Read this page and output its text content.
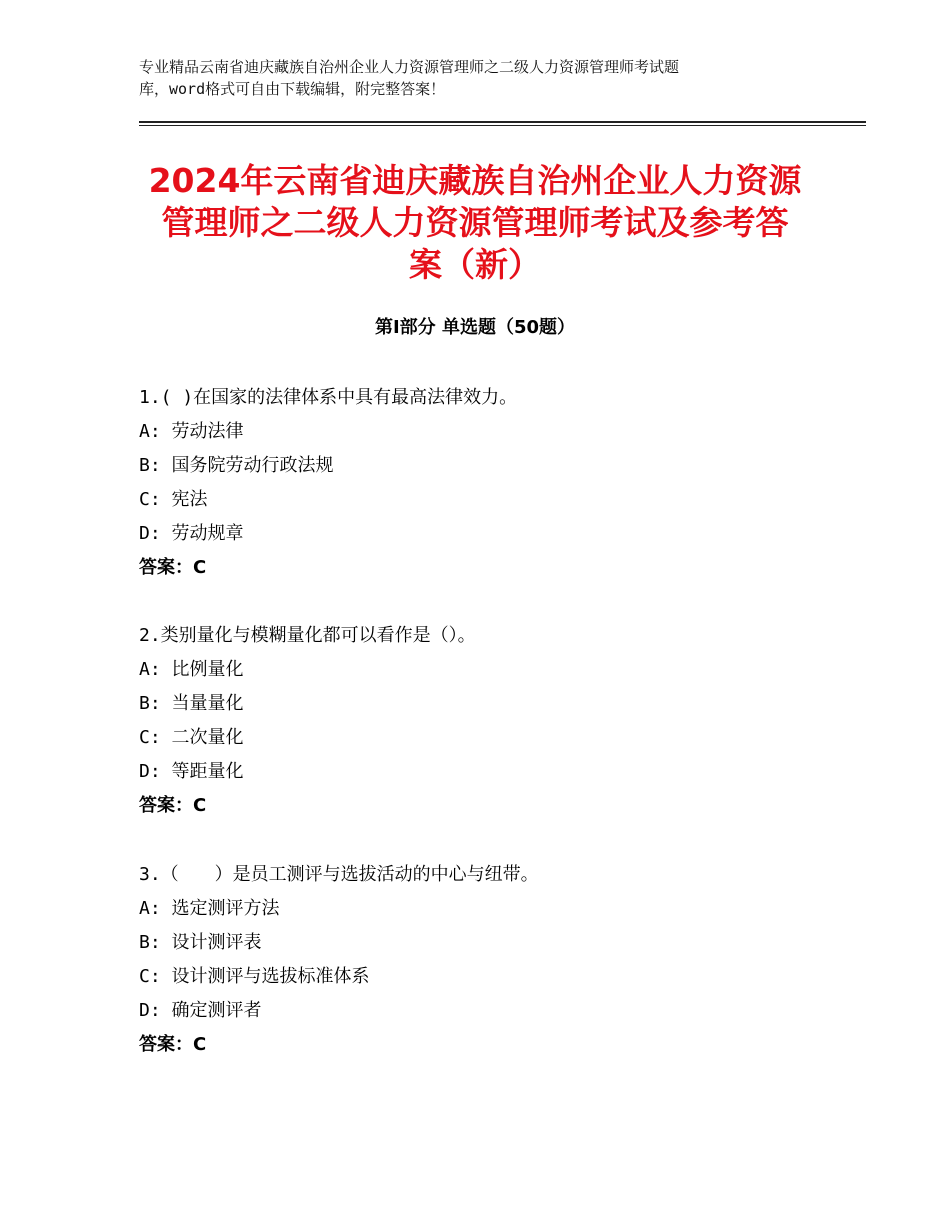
专业精品云南省迪庆藏族自治州企业人力资源管理师之二级人力资源管理师考试题
库，word格式可自由下载编辑，附完整答案！
2024年云南省迪庆藏族自治州企业人力资源
管理师之二级人力资源管理师考试及参考答
案（新）
第Ⅰ部分 单选题（50题）
1.( )在国家的法律体系中具有最高法律效力。
A: 劳动法律
B: 国务院劳动行政法规
C: 宪法
D: 劳动规章
答案：C
2.类别量化与模糊量化都可以看作是（）。
A: 比例量化
B: 当量量化
C: 二次量化
D: 等距量化
答案：C
3.（　　）是员工测评与选拔活动的中心与纽带。
A: 选定测评方法
B: 设计测评表
C: 设计测评与选拔标准体系
D: 确定测评者
答案：C
